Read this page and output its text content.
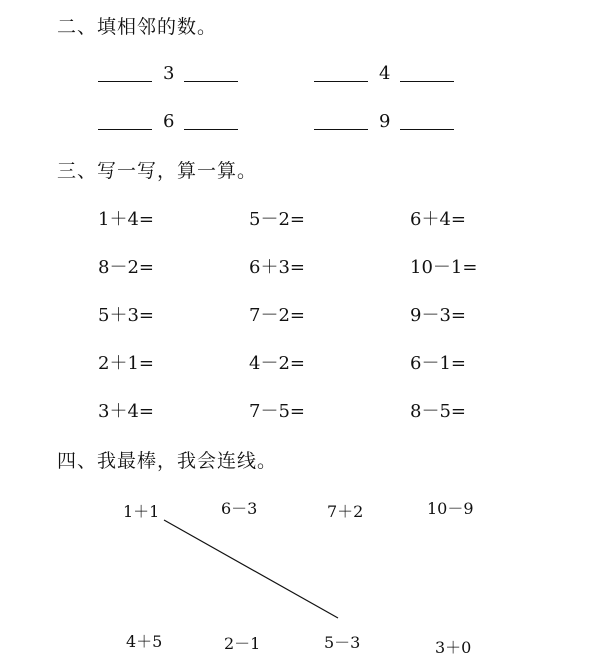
二、填相邻的数。
3	4
6	9
三、写一写，算一算。
1＋4=	5－2=	6＋4=
8－2=	6＋3=	10－1=
5＋3=	7－2=	9－3=
2＋1=	4－2=	6－1=
3＋4=	7－5=	8－5=
四、我最棒，我会连线。
1＋1	6－3	7＋2	10－9
4＋5	2－1	5－3	3＋0
